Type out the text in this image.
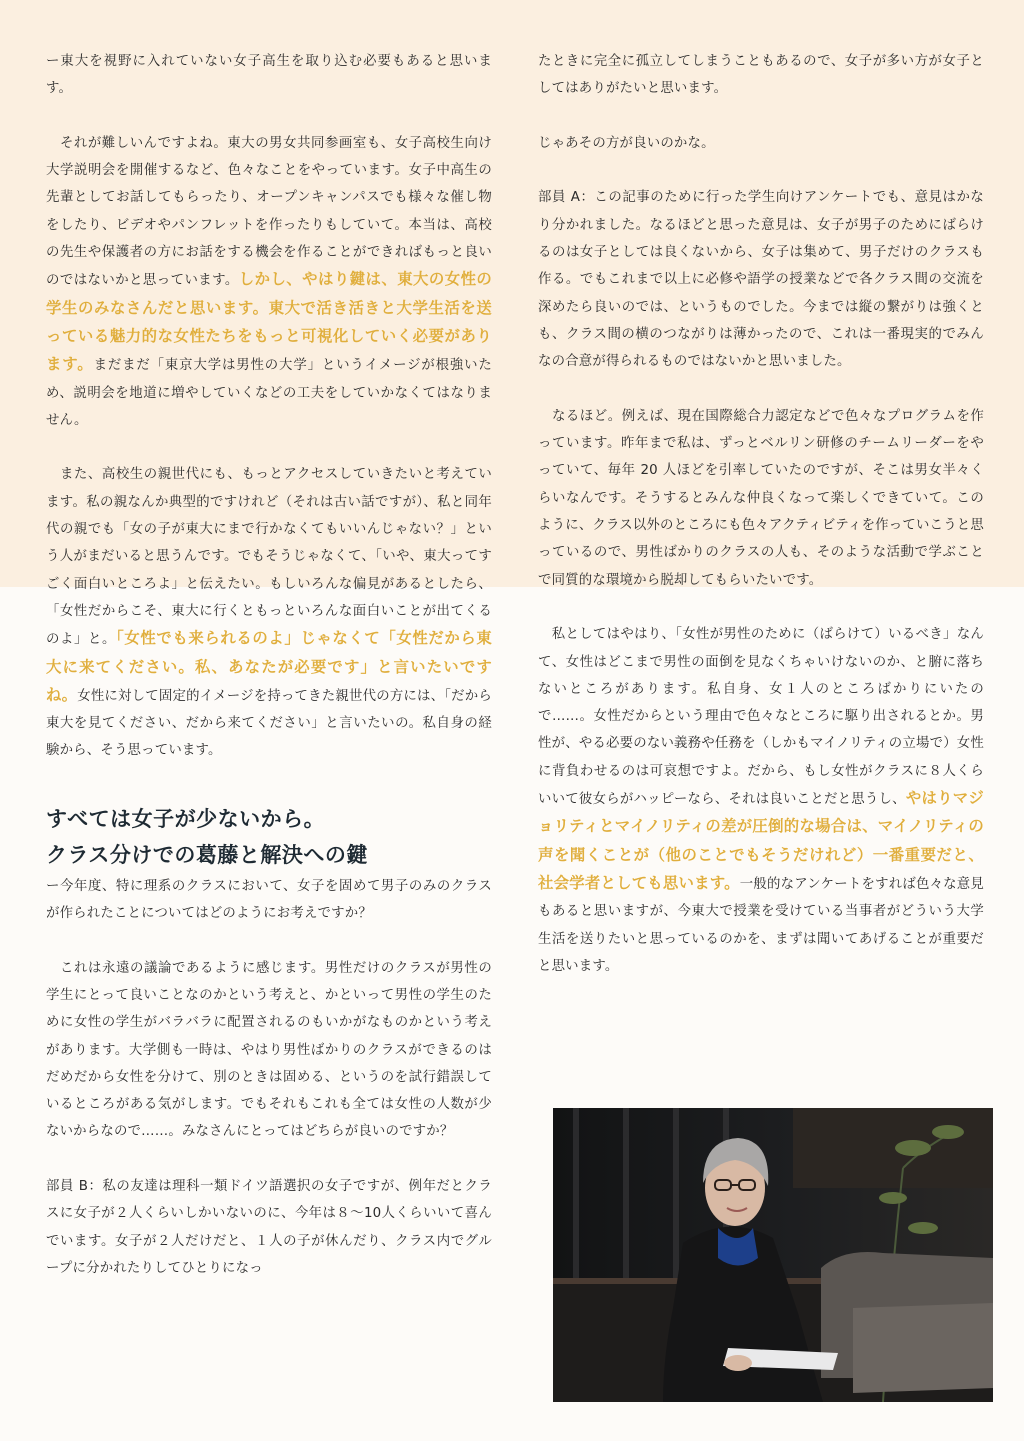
ー東大を視野に入れていない女子高生を取り込む必要もあると思います。

　それが難しいんですよね。東大の男女共同参画室も、女子高校生向け大学説明会を開催するなど、色々なことをやっています。女子中高生の先輩としてお話してもらったり、オープンキャンパスでも様々な催し物をしたり、ビデオやパンフレットを作ったりもしていて。本当は、高校の先生や保護者の方にお話をする機会を作ることができればもっと良いのではないかと思っています。しかし、やはり鍵は、東大の女性の学生のみなさんだと思います。東大で活き活きと大学生活を送っている魅力的な女性たちをもっと可視化していく必要があります。まだまだ「東京大学は男性の大学」というイメージが根強いため、説明会を地道に増やしていくなどの工夫をしていかなくてはなりません。

　また、高校生の親世代にも、もっとアクセスしていきたいと考えています。私の親なんか典型的ですけれど（それは古い話ですが）、私と同年代の親でも「女の子が東大にまで行かなくてもいいんじゃない？」という人がまだいると思うんです。でもそうじゃなくて、「いや、東大ってすごく面白いところよ」と伝えたい。もしいろんな偏見があるとしたら、「女性だからこそ、東大に行くともっといろんな面白いことが出てくるのよ」と。「女性でも来られるのよ」じゃなくて「女性だから東大に来てください。私、あなたが必要です」と言いたいですね。女性に対して固定的イメージを持ってきた親世代の方には、「だから東大を見てください、だから来てください」と言いたいの。私自身の経験から、そう思っています。

すべては女子が少ないから。
クラス分けでの葛藤と解決への鍵

ー今年度、特に理系のクラスにおいて、女子を固めて男子のみのクラスが作られたことについてはどのようにお考えですか？

　これは永遠の議論であるように感じます。男性だけのクラスが男性の学生にとって良いことなのかという考えと、かといって男性の学生のために女性の学生がバラバラに配置されるのもいかがなものかという考えがあります。大学側も一時は、やはり男性ばかりのクラスができるのはだめだから女性を分けて、別のときは固める、というのを試行錯誤しているところがある気がします。でもそれもこれも全ては女性の人数が少ないからなので……。みなさんにとってはどちらが良いのですか？

部員 B：私の友達は理科一類ドイツ語選択の女子ですが、例年だとクラスに女子が２人くらいしかいないのに、今年は８〜10人くらいいて喜んでいます。女子が２人だけだと、１人の子が休んだり、クラス内でグループに分かれたりしてひとりになっ

たときに完全に孤立してしまうこともあるので、女子が多い方が女子としてはありがたいと思います。

じゃあその方が良いのかな。

部員 A：この記事のために行った学生向けアンケートでも、意見はかなり分かれました。なるほどと思った意見は、女子が男子のためにばらけるのは女子としては良くないから、女子は集めて、男子だけのクラスも作る。でもこれまで以上に必修や語学の授業などで各クラス間の交流を深めたら良いのでは、というものでした。今までは縦の繋がりは強くとも、クラス間の横のつながりは薄かったので、これは一番現実的でみんなの合意が得られるものではないかと思いました。

　なるほど。例えば、現在国際総合力認定などで色々なプログラムを作っています。昨年まで私は、ずっとベルリン研修のチームリーダーをやっていて、毎年 20 人ほどを引率していたのですが、そこは男女半々くらいなんです。そうするとみんな仲良くなって楽しくできていて。このように、クラス以外のところにも色々アクティビティを作っていこうと思っているので、男性ばかりのクラスの人も、そのような活動で学ぶことで同質的な環境から脱却してもらいたいです。

　私としてはやはり、「女性が男性のために（ばらけて）いるべき」なんて、女性はどこまで男性の面倒を見なくちゃいけないのか、と腑に落ちないところがあります。私自身、女１人のところばかりにいたので……。女性だからという理由で色々なところに駆り出されるとか。男性が、やる必要のない義務や任務を（しかもマイノリティの立場で）女性に背負わせるのは可哀想ですよ。だから、もし女性がクラスに８人くらいいて彼女らがハッピーなら、それは良いことだと思うし、やはりマジョリティとマイノリティの差が圧倒的な場合は、マイノリティの声を聞くことが（他のことでもそうだけれど）一番重要だと、社会学者としても思います。一般的なアンケートをすれば色々な意見もあると思いますが、今東大で授業を受けている当事者がどういう大学生活を送りたいと思っているのかを、まずは聞いてあげることが重要だと思います。
